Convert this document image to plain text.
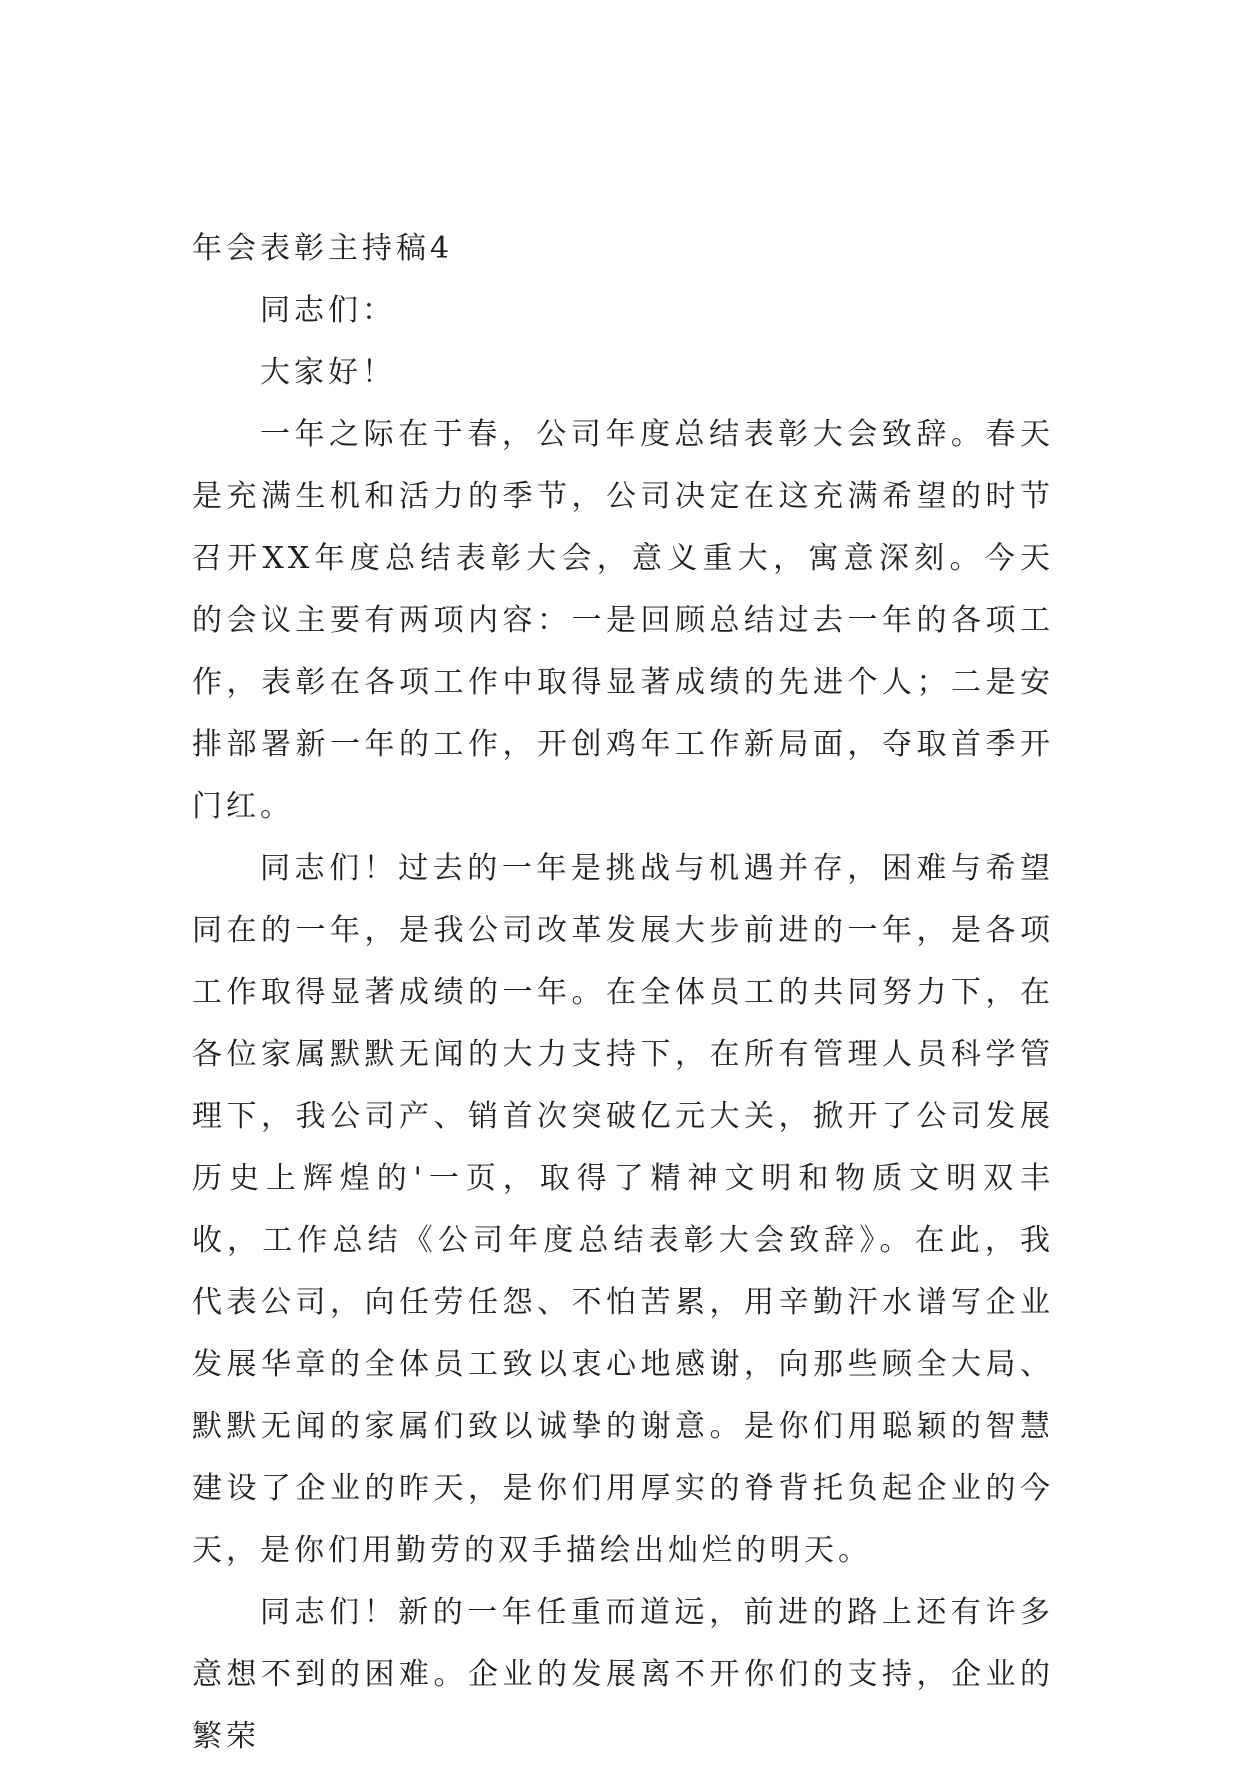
年会表彰主持稿4

同志们：

大家好！

一年之际在于春，公司年度总结表彰大会致辞。春天是充满生机和活力的季节，公司决定在这充满希望的时节召开XX年度总结表彰大会，意义重大，寓意深刻。今天的会议主要有两项内容：一是回顾总结过去一年的各项工作，表彰在各项工作中取得显著成绩的先进个人；二是安排部署新一年的工作，开创鸡年工作新局面，夺取首季开门红。

同志们！过去的一年是挑战与机遇并存，困难与希望同在的一年，是我公司改革发展大步前进的一年，是各项工作取得显著成绩的一年。在全体员工的共同努力下，在各位家属默默无闻的大力支持下，在所有管理人员科学管理下，我公司产、销首次突破亿元大关，掀开了公司发展历史上辉煌的'一页，取得了精神文明和物质文明双丰收，工作总结《公司年度总结表彰大会致辞》。在此，我代表公司，向任劳任怨、不怕苦累，用辛勤汗水谱写企业发展华章的全体员工致以衷心地感谢，向那些顾全大局、默默无闻的家属们致以诚挚的谢意。是你们用聪颖的智慧建设了企业的昨天，是你们用厚实的脊背托负起企业的今天，是你们用勤劳的双手描绘出灿烂的明天。

同志们！新的一年任重而道远，前进的路上还有许多意想不到的困难。企业的发展离不开你们的支持，企业的繁荣
